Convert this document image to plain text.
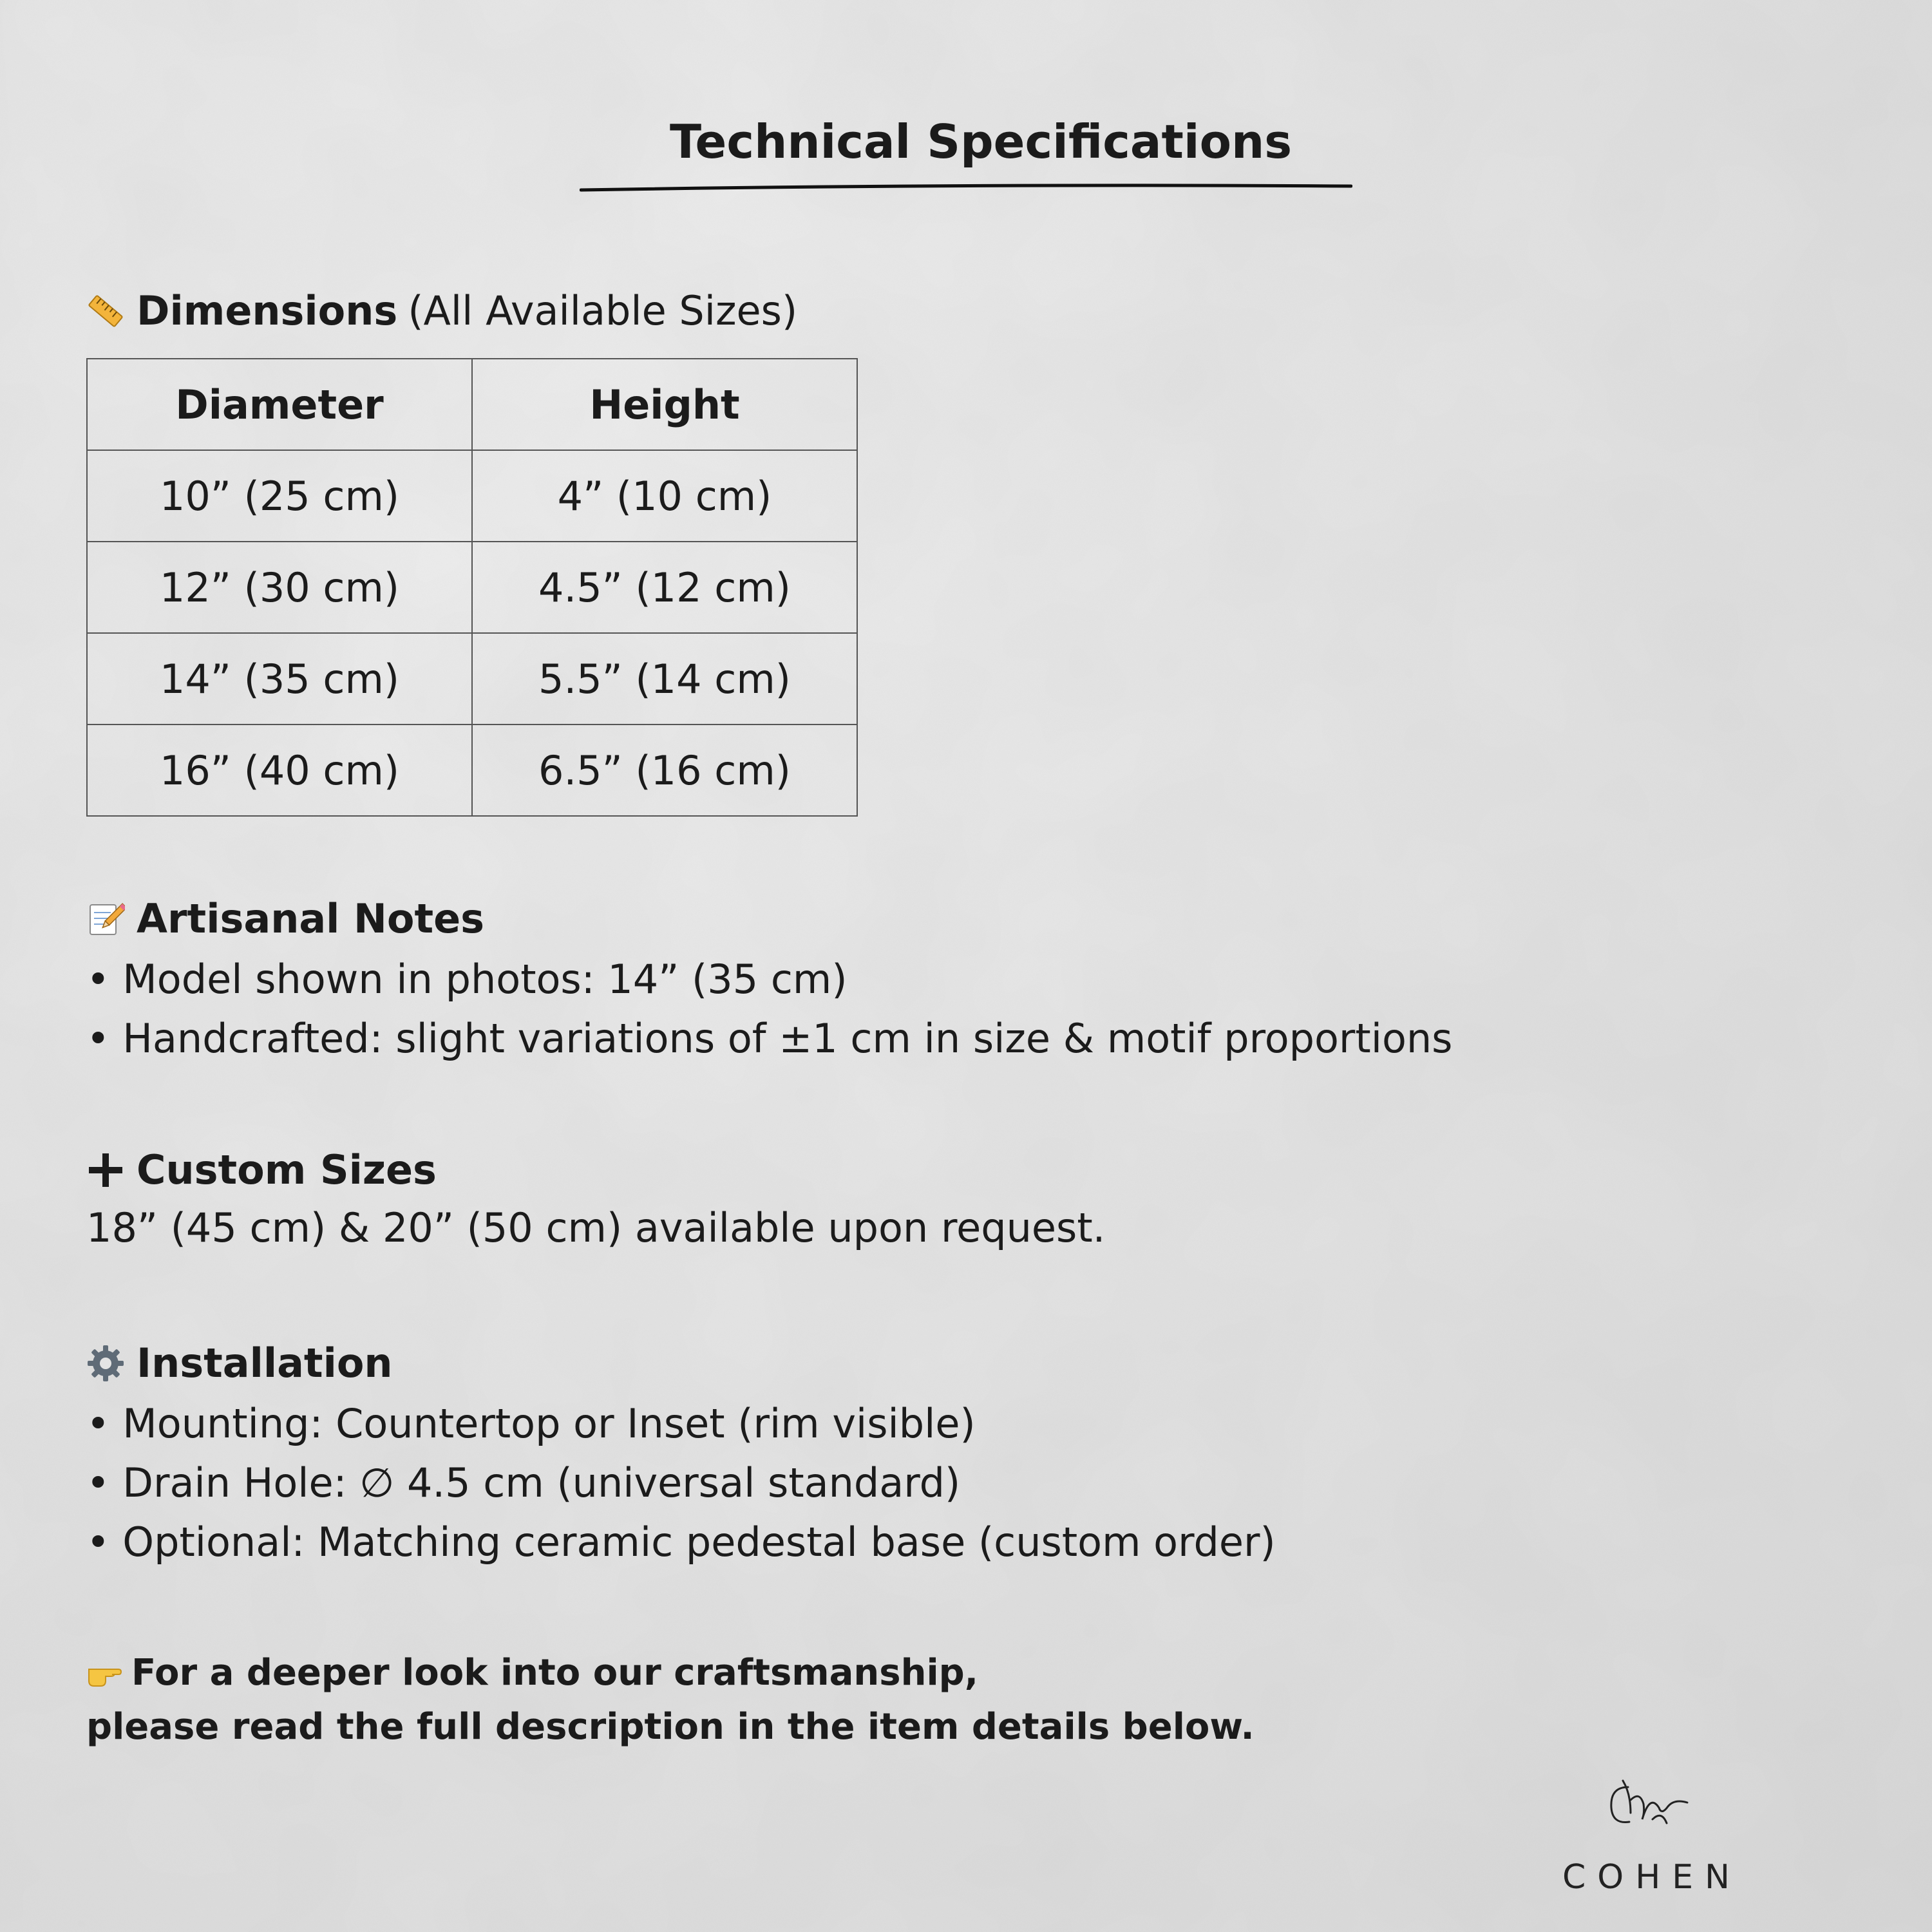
Technical Specifications
Dimensions (All Available Sizes)
Diameter	Height
10” (25 cm)	4” (10 cm)
12” (30 cm)	4.5” (12 cm)
14” (35 cm)	5.5” (14 cm)
16” (40 cm)	6.5” (16 cm)
Artisanal Notes
• Model shown in photos: 14” (35 cm)
• Handcrafted: slight variations of ±1 cm in size & motif proportions
Custom Sizes
18” (45 cm) & 20” (50 cm) available upon request.
Installation
• Mounting: Countertop or Inset (rim visible)
• Drain Hole: ∅ 4.5 cm (universal standard)
• Optional: Matching ceramic pedestal base (custom order)
For a deeper look into our craftsmanship,
please read the full description in the item details below.
COHEN
